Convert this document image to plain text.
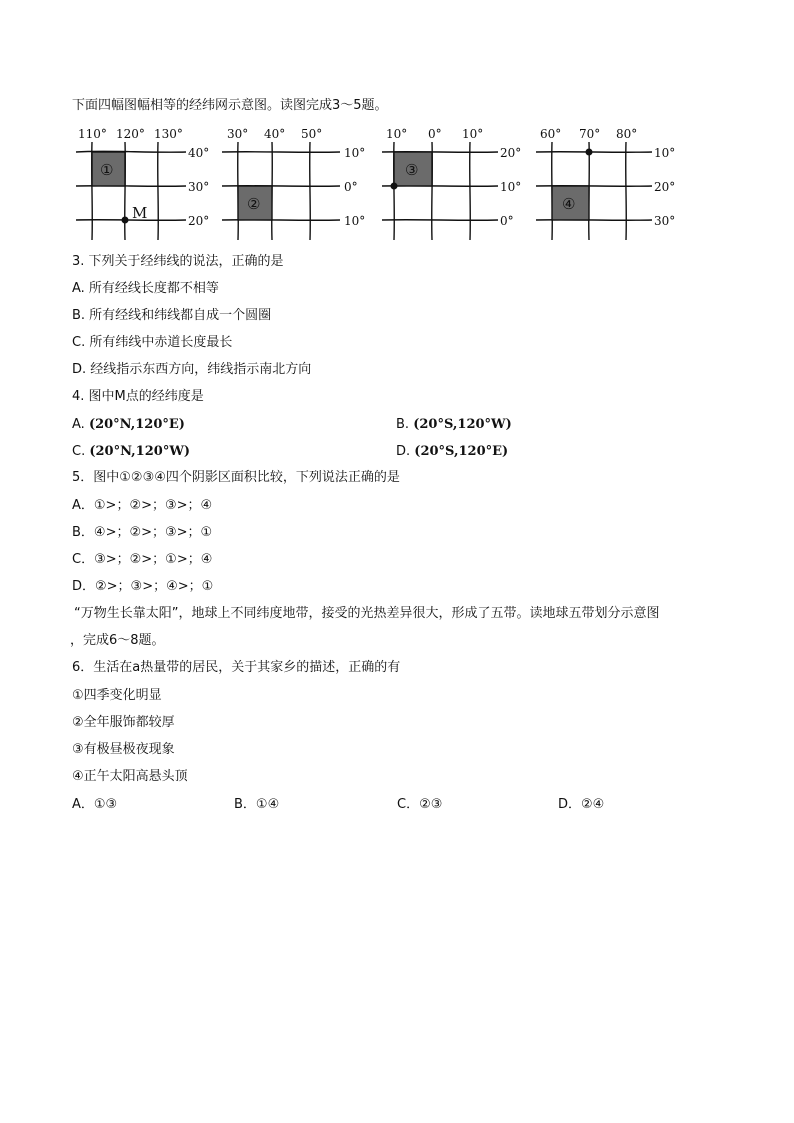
下面四幅图幅相等的经纬网示意图。读图完成3～5题。
①
M
110° 120° 130°
40°
30°
20°
②
30° 40° 50°
10°
0°
10°
③
10° 0° 10°
20°
10°
0°
④
60° 70° 80°
10°
20°
30°
3. 下列关于经纬线的说法，正确的是
A. 所有经线长度都不相等
B. 所有经线和纬线都自成一个圆圈
C. 所有纬线中赤道长度最长
D. 经线指示东西方向，纬线指示南北方向
4. 图中M点的经纬度是
A. (20°N,120°E)	B. (20°S,120°W)
C. (20°N,120°W)	D. (20°S,120°E)
5．图中①②③④四个阴影区面积比较，下列说法正确的是
A．①>；②>；③>；④
B．④>；②>；③>；①
C．③>；②>；①>；④
D．②>；③>；④>；①
“万物生长靠太阳”，地球上不同纬度地带，接受的光热差异很大，形成了五带。读地球五带划分示意图
，完成6～8题。
6．生活在a热量带的居民，关于其家乡的描述，正确的有
①四季变化明显
②全年服饰都较厚
③有极昼极夜现象
④正午太阳高悬头顶
A．①③	B．①④	C．②③	D．②④
